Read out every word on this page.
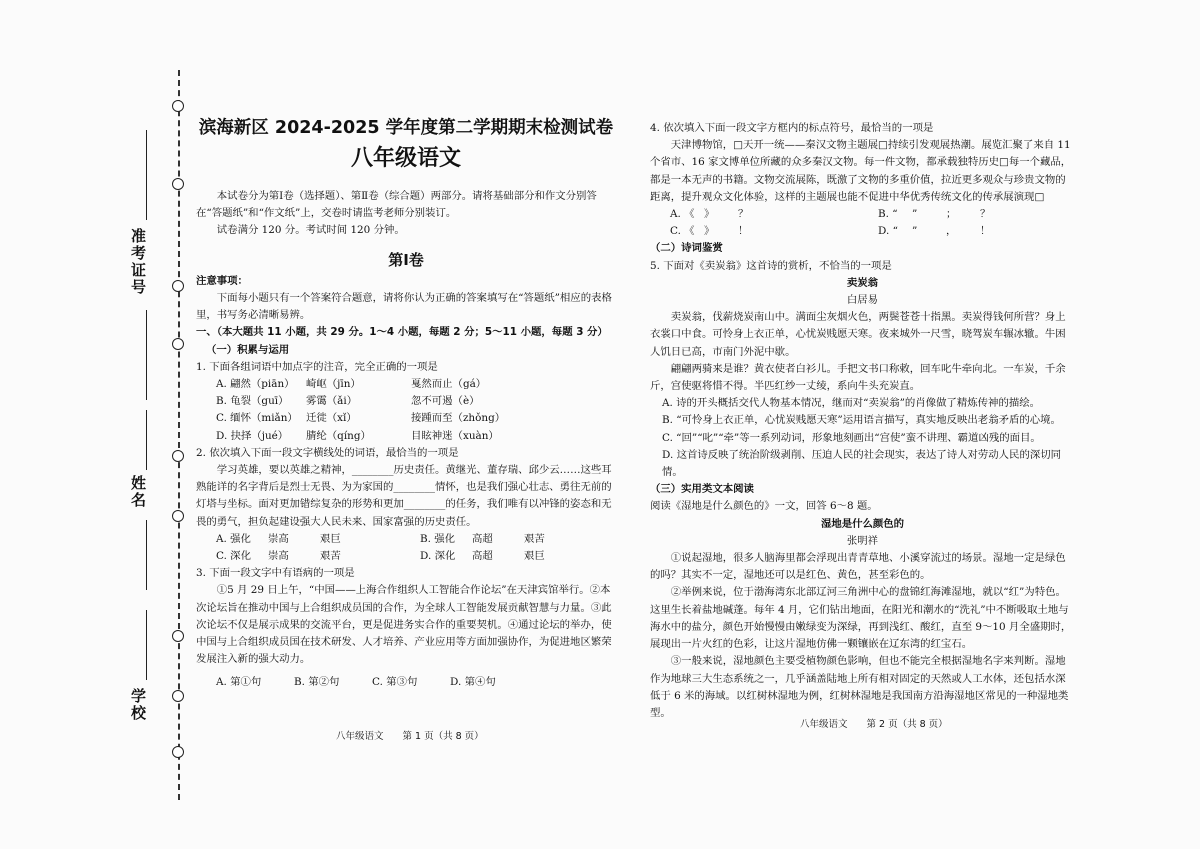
准考证号
姓名
学校
滨海新区 2024-2025 学年度第二学期期末检测试卷
八年级语文

本试卷分为第Ⅰ卷（选择题）、第Ⅱ卷（综合题）两部分。请将基础部分和作文分别答在“答题纸”和“作文纸”上，交卷时请监考老师分别装订。

试卷满分 120 分。考试时间 120 分钟。

第Ⅰ卷

注意事项：

下面每小题只有一个答案符合题意，请将你认为正确的答案填写在“答题纸”相应的表格里，书写务必清晰易辨。

一、（本大题共 11 小题，共 29 分。1～4 小题，每题 2 分；5～11 小题，每题 3 分）

（一）积累与运用

1. 下面各组词语中加点字的注音，完全正确的一项是

A. 翩然（piān）	崎岖（jīn）	戛然而止（gá）
B. 龟裂（guī）	雾霭（ǎi）	忽不可遏（è）
C. 缅怀（miǎn） 迁徙（xǐ）	接踵而至（zhǒng）
D. 抉择（jué）	腈纶（qíng）	目眩神迷（xuàn）

2. 依次填入下面一段文字横线处的词语，最恰当的一项是

学习英雄，要以英雄之精神，________历史责任。黄继光、董存瑞、邱少云……这些耳熟能详的名字背后是烈士无畏、为为家国的________情怀，也是我们强心壮志、勇往无前的灯塔与坐标。面对更加错综复杂的形势和更加________的任务，我们唯有以冲锋的姿态和无畏的勇气，担负起建设强大人民未来、国家富强的历史责任。

A. 强化	崇高	艰巨	B. 强化	高超	艰苦
C. 深化	崇高	艰苦	D. 深化	高超	艰巨

3. 下面一段文字中有语病的一项是

①5 月 29 日上午，“中国——上海合作组织人工智能合作论坛”在天津宾馆举行。②本次论坛旨在推动中国与上合组织成员国的合作，为全球人工智能发展贡献智慧与力量。③此次论坛不仅是展示成果的交流平台，更是促进务实合作的重要契机。④通过论坛的举办，使中国与上合组织成员国在技术研发、人才培养、产业应用等方面加强协作，为促进地区繁荣发展注入新的强大动力。

A. 第①句	B. 第②句	C. 第③句	D. 第④句
八年级语文　　第 1 页（共 8 页）

4. 依次填入下面一段文字方框内的标点符号，最恰当的一项是

天津博物馆，□天开一统——秦汉文物主题展□持续引发观展热潮。展览汇聚了来自 11 个省市、16 家文博单位所藏的众多秦汉文物。每一件文物，都承载独特历史□每一个藏品，都是一本无声的书籍。文物交流展陈，既激了文物的多重价值，拉近更多观众与珍贵文物的距离，提升观众文化体验，这样的主题展也能不促进中华优秀传统文化的传承展演现□

A. 《 》	？	B. “	”	；	？
C. 《 》	！	D. “	”	，	！

（二）诗词鉴赏

5. 下面对《卖炭翁》这首诗的赏析，不恰当的一项是

卖炭翁

白居易

卖炭翁，伐薪烧炭南山中。满面尘灰烟火色，两鬓苍苍十指黑。卖炭得钱何所营？身上衣裳口中食。可怜身上衣正单，心忧炭贱愿天寒。夜来城外一尺雪，晓驾炭车辗冰辙。牛困人饥日已高，市南门外泥中歇。

翩翩两骑来是谁？黄衣使者白衫儿。手把文书口称敕，回车叱牛牵向北。一车炭，千余斤，宫使驱将惜不得。半匹红纱一丈绫，系向牛头充炭直。

A. 诗的开头概括交代人物基本情况，继而对“卖炭翁”的肖像做了精炼传神的描绘。

B. “可怜身上衣正单，心忧炭贱愿天寒”运用语言描写，真实地反映出老翁矛盾的心境。

C. “回”“叱”“牵”等一系列动词，形象地刻画出“宫使”蛮不讲理、霸道凶残的面目。

D. 这首诗反映了统治阶级剥削、压迫人民的社会现实，表达了诗人对劳动人民的深切同情。

（三）实用类文本阅读

阅读《湿地是什么颜色的》一文，回答 6～8 题。

湿地是什么颜色的

张明祥

①说起湿地，很多人脑海里都会浮现出青青草地、小溪穿流过的场景。湿地一定是绿色的吗？其实不一定，湿地还可以是红色、黄色，甚至彩色的。

②举例来说，位于渤海湾东北部辽河三角洲中心的盘锦红海滩湿地，就以“红”为特色。这里生长着盐地碱蓬。每年 4 月，它们钻出地面，在阳光和潮水的“洗礼”中不断吸取土地与海水中的盐分，颜色开始慢慢由嫩绿变为深绿，再到浅红、酸红，直至 9～10 月全盛期时，展现出一片火红的色彩，让这片湿地仿佛一颗镶嵌在辽东湾的红宝石。

③一般来说，湿地颜色主要受植物颜色影响，但也不能完全根据湿地名字来判断。湿地作为地球三大生态系统之一，几乎涵盖陆地上所有相对固定的天然或人工水体，还包括水深低于 6 米的海域。以红树林湿地为例，红树林湿地是我国南方沿海湿地区常见的一种湿地类型。

八年级语文　　第 2 页（共 8 页）
